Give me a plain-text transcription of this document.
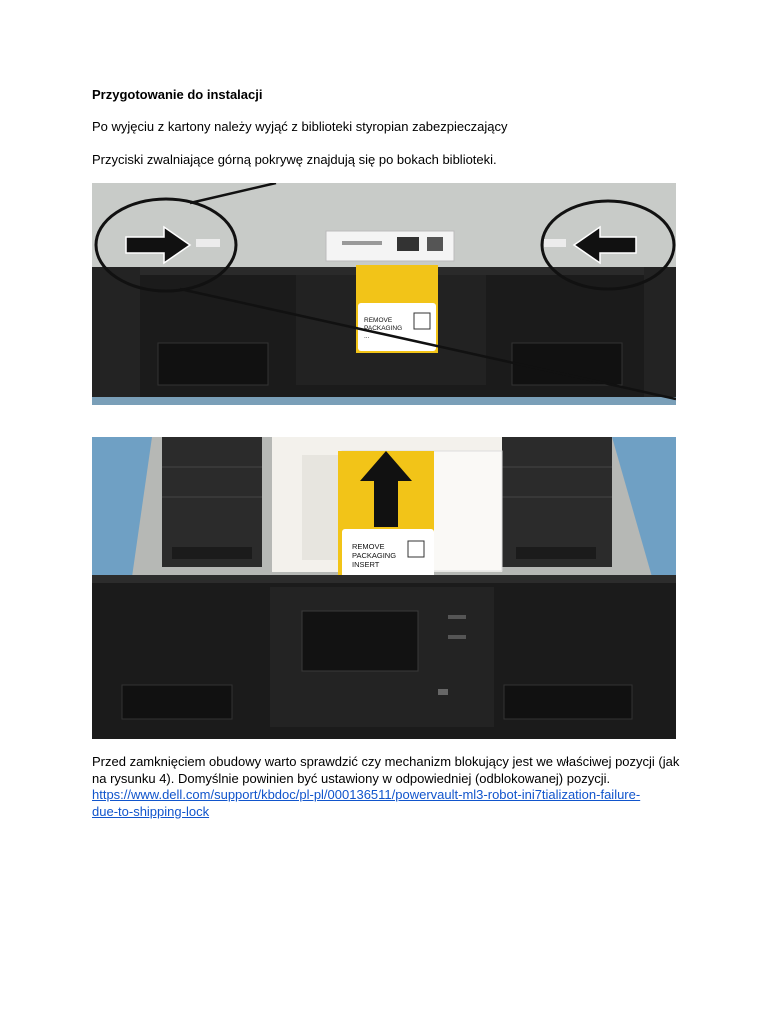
Przygotowanie do instalacji
Po wyjęciu z kartony należy wyjąć z biblioteki styropian zabezpieczający
Przyciski zwalniające górną pokrywę znajdują się po bokach biblioteki.
REMOVE
PACKAGING
...
REMOVE
PACKAGING
INSERT
Przed zamknięciem obudowy warto sprawdzić czy mechanizm blokujący jest we właściwej pozycji (jak
na rysunku 4). Domyślnie powinien być ustawiony w odpowiedniej (odblokowanej) pozycji.
https://www.dell.com/support/kbdoc/pl-pl/000136511/powervault-ml3-robot-ini7tialization-failure-
due-to-shipping-lock
